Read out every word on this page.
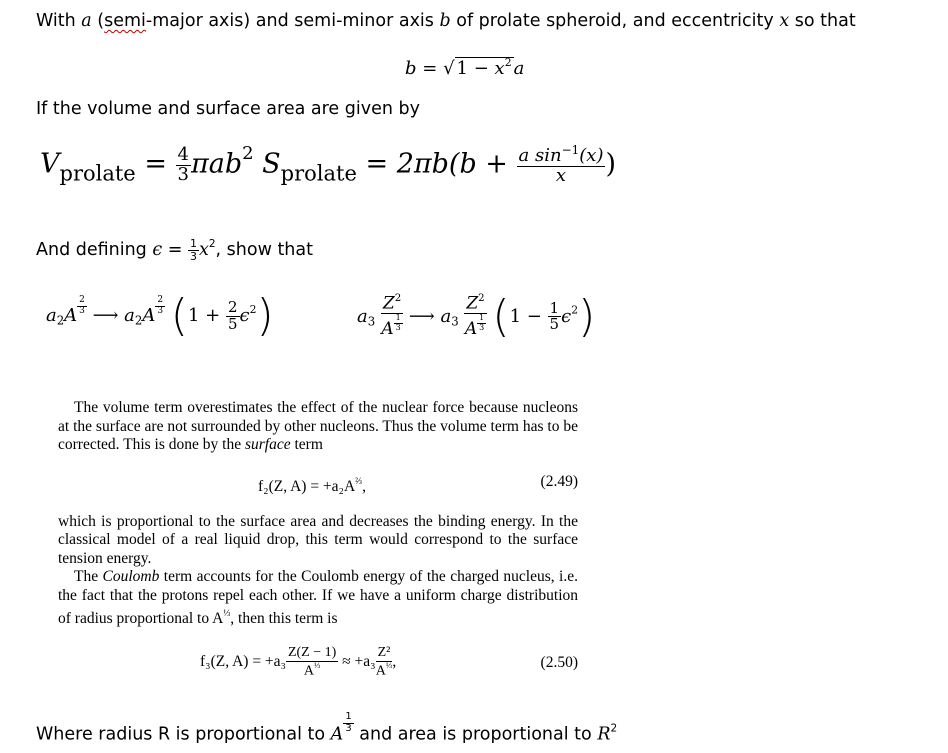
With a (semi-major axis) and semi-minor axis b of prolate spheroid, and eccentricity x so that
b = √ $1 - x^2$ a
If the volume and surface area are given by
$V_{prolate} = \frac{4}{3} \pi ab^2$ $S_{prolate} = 2\pi b(b + \frac{a \sin^{-1}(x)}{x}$ )
And defining $\epsilon = \frac{1}{3} x^2$, show that
$a_2A \frac{2}{3}$ ⟶ $a_2A \frac{2}{3} (1 + \frac{2}{5} \epsilon^2)$	$a_3 \frac{Z^2}{A \frac{1}{3}}$ ⟶ $a_3 \frac{Z^2}{A \frac{1}{3}} (1 - \frac{1}{5} \epsilon^2)$

The volume term overestimates the effect of the nuclear force because nucleons at the surface are not surrounded by other nucleons. Thus the volume term has to be corrected. This is done by the surface term

f₂(Z, $A) = +a_2A^{\frac{2}{3}}$,	(2.49)

which is proportional to the surface area and decreases the binding energy. In the classical model of a real liquid drop, this term would correspond to the surface tension energy.

The Coulomb term accounts for the Coulomb energy of the charged nucleus, i.e. the fact that the protons repel each other. If we have a uniform charge distribution of radius proportional to $A^{\frac{1}{3}}$, then this term is

f₃(Z, $A) = +a_3 \frac{Z(Z - 1)}{A^{\frac{1}{3}}} \approx +a_3 \frac{\text{Z²}}{A^{\frac{1}{3}}}$ ,	(2.50)
Where radius R is proportional to A
$\frac{1}{3}$
and area is proportional to $R^2$
